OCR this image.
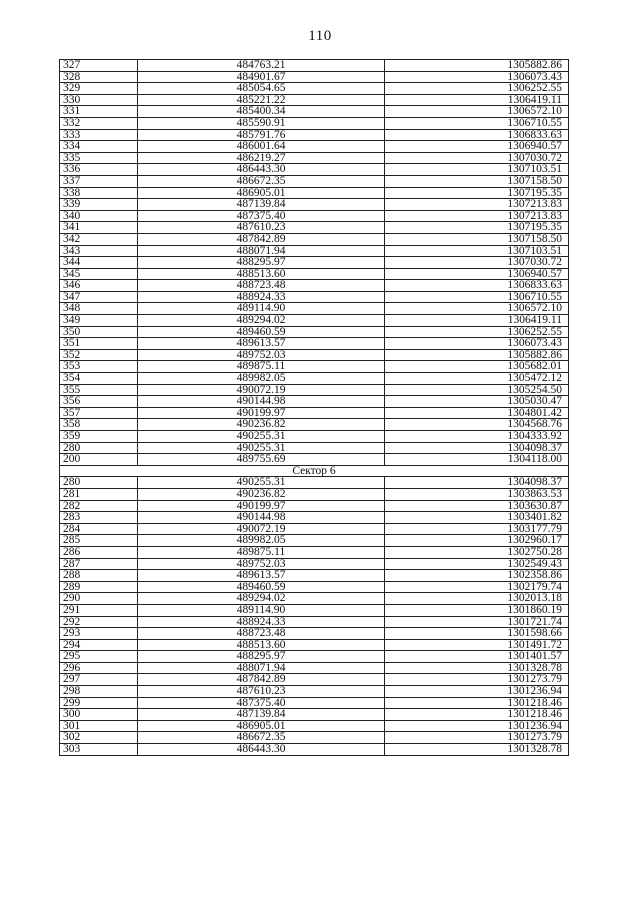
110
327	484763.21	1305882.86
328	484901.67	1306073.43
329	485054.65	1306252.55
330	485221.22	1306419.11
331	485400.34	1306572.10
332	485590.91	1306710.55
333	485791.76	1306833.63
334	486001.64	1306940.57
335	486219.27	1307030.72
336	486443.30	1307103.51
337	486672.35	1307158.50
338	486905.01	1307195.35
339	487139.84	1307213.83
340	487375.40	1307213.83
341	487610.23	1307195.35
342	487842.89	1307158.50
343	488071.94	1307103.51
344	488295.97	1307030.72
345	488513.60	1306940.57
346	488723.48	1306833.63
347	488924.33	1306710.55
348	489114.90	1306572.10
349	489294.02	1306419.11
350	489460.59	1306252.55
351	489613.57	1306073.43
352	489752.03	1305882.86
353	489875.11	1305682.01
354	489982.05	1305472.12
355	490072.19	1305254.50
356	490144.98	1305030.47
357	490199.97	1304801.42
358	490236.82	1304568.76
359	490255.31	1304333.92
280	490255.31	1304098.37
200	489755.69	1304118.00
Сектор 6		
280	490255.31	1304098.37
281	490236.82	1303863.53
282	490199.97	1303630.87
283	490144.98	1303401.82
284	490072.19	1303177.79
285	489982.05	1302960.17
286	489875.11	1302750.28
287	489752.03	1302549.43
288	489613.57	1302358.86
289	489460.59	1302179.74
290	489294.02	1302013.18
291	489114.90	1301860.19
292	488924.33	1301721.74
293	488723.48	1301598.66
294	488513.60	1301491.72
295	488295.97	1301401.57
296	488071.94	1301328.78
297	487842.89	1301273.79
298	487610.23	1301236.94
299	487375.40	1301218.46
300	487139.84	1301218.46
301	486905.01	1301236.94
302	486672.35	1301273.79
303	486443.30	1301328.78
